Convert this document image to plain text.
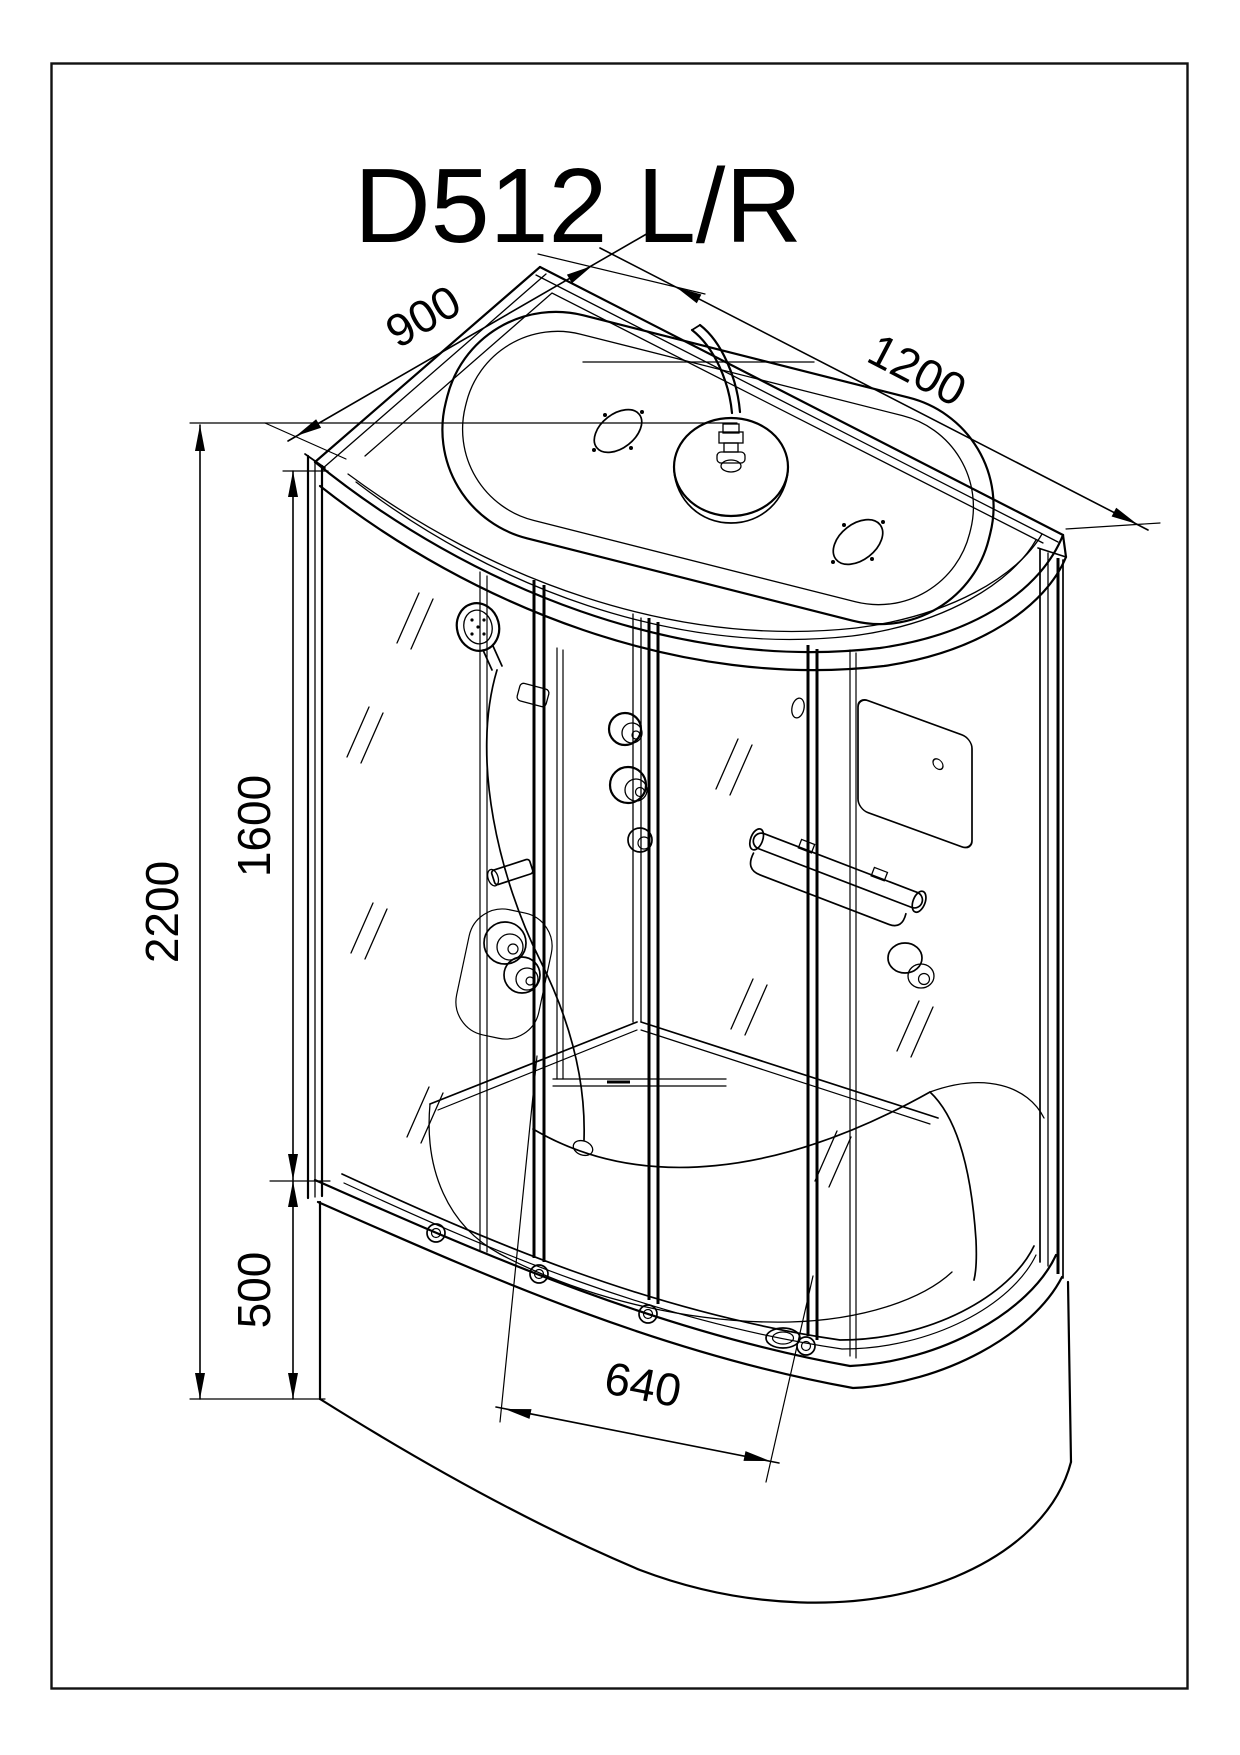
D512 L/R
900
1200
2200
1600
500
640
